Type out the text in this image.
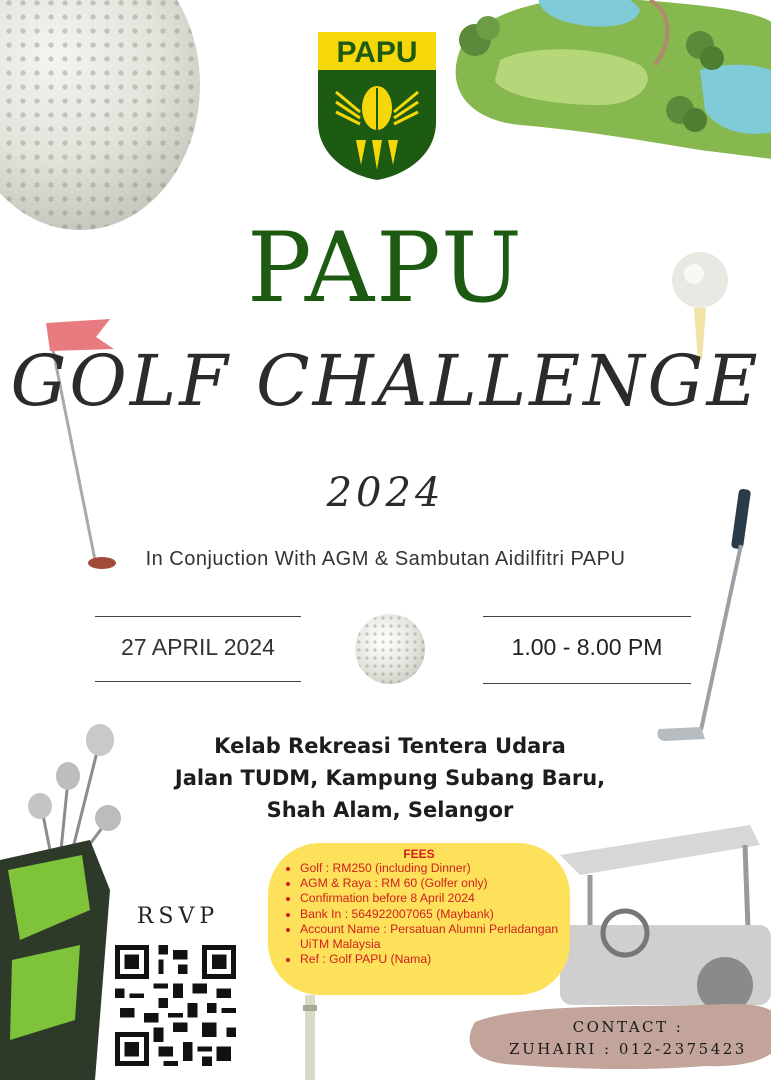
PAPU
PAPU
GOLF CHALLENGE
2024
In Conjuction With AGM & Sambutan Aidilfitri PAPU
27 APRIL 2024	1.00 - 8.00 PM
Kelab Rekreasi Tentera Udara
Jalan TUDM, Kampung Subang Baru,
Shah Alam, Selangor
FEES
• Golf : RM250 (including Dinner)
• AGM & Raya : RM 60 (Golfer only)
• Confirmation before 8 April 2024
• Bank In : 564922007065 (Maybank)
• Account Name : Persatuan Alumni Perladangan UiTM Malaysia
• Ref : Golf PAPU (Nama)
RSVP
CONTACT :
ZUHAIRI : 012-2375423
